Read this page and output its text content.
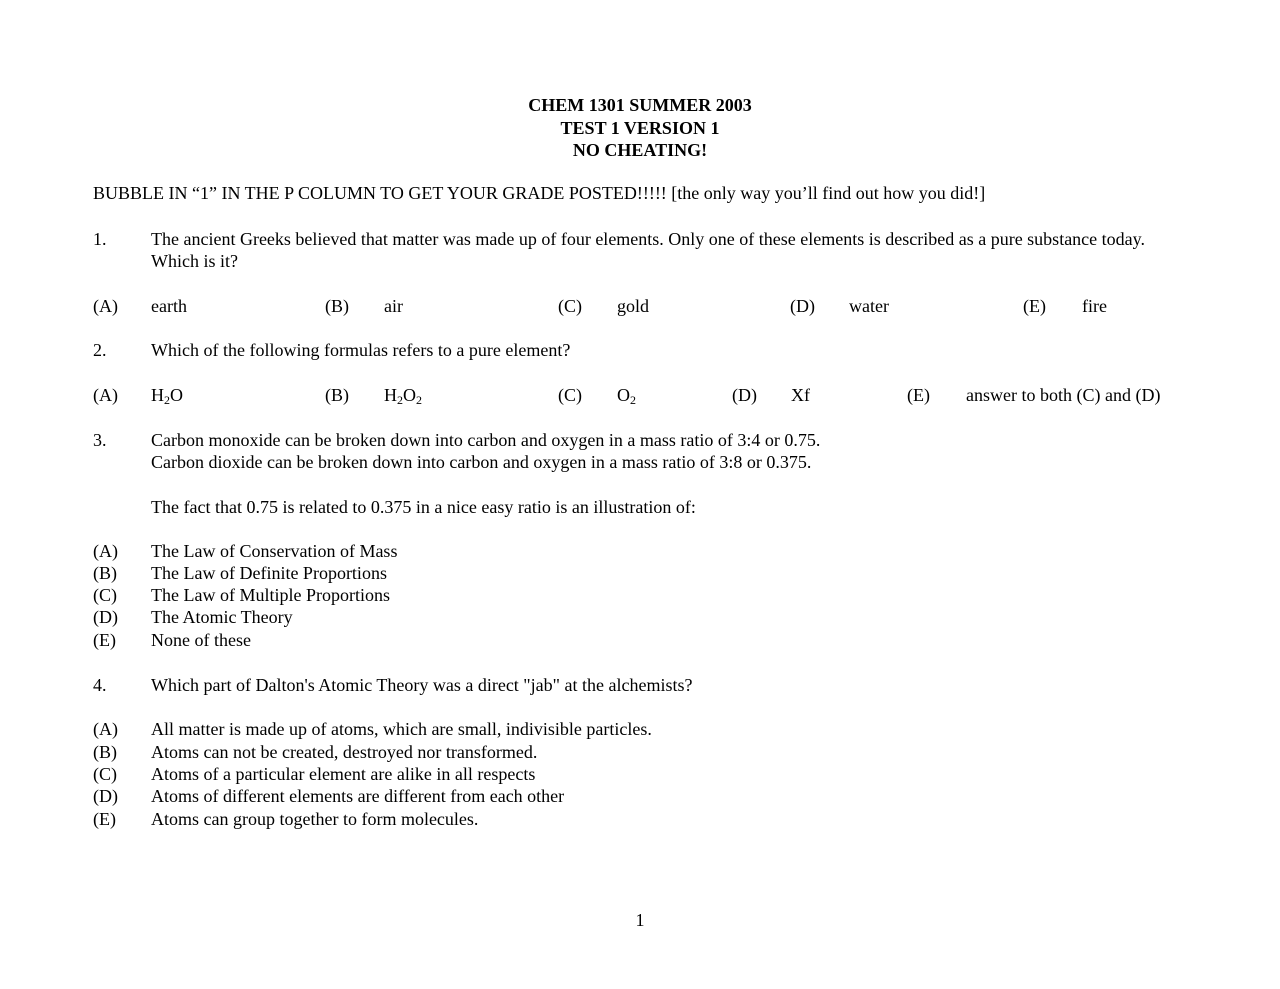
CHEM 1301 SUMMER 2003
TEST 1 VERSION 1
NO CHEATING!
BUBBLE IN “1” IN THE P COLUMN TO GET YOUR GRADE POSTED!!!!! [the only way you’ll find out how you did!]
1. The ancient Greeks believed that matter was made up of four elements. Only one of these elements is described as a pure substance today. Which is it?
(A) earth	(B) air	(C) gold	(D) water	(E) fire
2. Which of the following formulas refers to a pure element?
(A) $H_2O$	(B) $H_2O_2$	(C) $O_2$	(D) Xf	(E) answer to both (C) and (D)
3. Carbon monoxide can be broken down into carbon and oxygen in a mass ratio of 3:4 or 0.75.
Carbon dioxide can be broken down into carbon and oxygen in a mass ratio of 3:8 or 0.375.
The fact that 0.75 is related to 0.375 in a nice easy ratio is an illustration of:
(A) The Law of Conservation of Mass
(B) The Law of Definite Proportions
(C) The Law of Multiple Proportions
(D) The Atomic Theory
(E) None of these
4. Which part of Dalton's Atomic Theory was a direct "jab" at the alchemists?
(A) All matter is made up of atoms, which are small, indivisible particles.
(B) Atoms can not be created, destroyed nor transformed.
(C) Atoms of a particular element are alike in all respects
(D) Atoms of different elements are different from each other
(E) Atoms can group together to form molecules.
1
